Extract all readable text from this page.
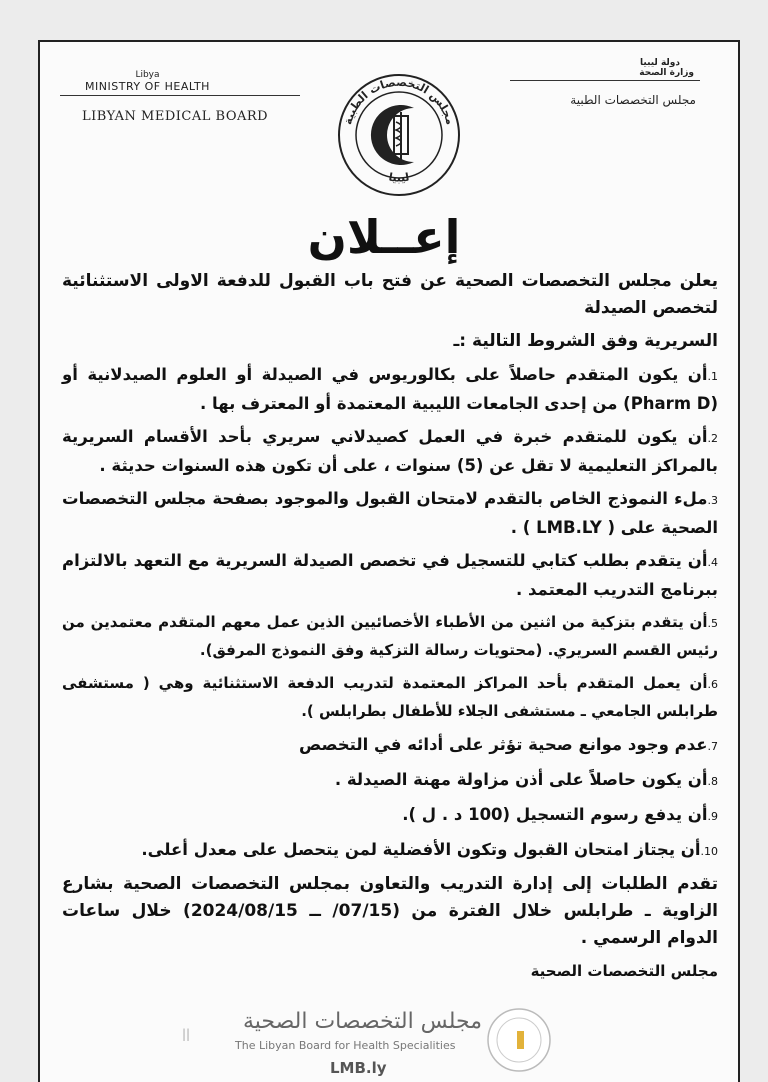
Libya
MINISTRY OF HEALTH
LIBYAN MEDICAL BOARD
دولة ليبيا
وزارة الصحة
مجلس التخصصات الطبية
مجلس التخصصات الطبية
ليبيا
إعــلان

يعلن مجلس التخصصات الصحية عن فتح باب القبول للدفعة الاولى الاستثنائية لتخصص الصيدلة

السريرية وفق الشروط التالية :ـ

1.أن يكون المتقدم حاصلاً على بكالوريوس في الصيدلة أو العلوم الصيدلانية أو (Pharm D) من إحدى الجامعات الليبية المعتمدة أو المعترف بها .

2.أن يكون للمتقدم خبرة في العمل كصيدلاني سريري بأحد الأقسام السريرية بالمراكز التعليمية لا تقل عن (5) سنوات ، على أن تكون هذه السنوات حديثة .

3.ملء النموذج الخاص بالتقدم لامتحان القبول والموجود بصفحة مجلس التخصصات الصحية على ( LMB.LY ) .

4.أن يتقدم بطلب كتابي للتسجيل في تخصص الصيدلة السريرية مع التعهد بالالتزام ببرنامج التدريب المعتمد .

5.أن يتقدم بتزكية من اثنين من الأطباء الأخصائيين الذين عمل معهم المتقدم معتمدين من رئيس القسم السريري. (محتويات رسالة التزكية وفق النموذج المرفق).

6.أن يعمل المتقدم بأحد المراكز المعتمدة لتدريب الدفعة الاستثنائية وهي ( مستشفى طرابلس الجامعي ـ مستشفى الجلاء للأطفال بطرابلس ).

7.عدم وجود موانع صحية تؤثر على أدائه في التخصص

8.أن يكون حاصلاً على أذن مزاولة مهنة الصيدلة .

9.أن يدفع رسوم التسجيل (100 د . ل ).

10.أن يجتاز امتحان القبول وتكون الأفضلية لمن يتحصل على معدل أعلى.

تقدم الطلبات إلى إدارة التدريب والتعاون بمجلس التخصصات الصحية بشارع الزاوية ـ طرابلس خلال الفترة من (07/15/ ــ 2024/08/15) خلال ساعات الدوام الرسمي .

مجلس التخصصات الصحية

|| مجلس التخصصات الصحية
The Libyan Board for Health Specialities
LMB.ly
